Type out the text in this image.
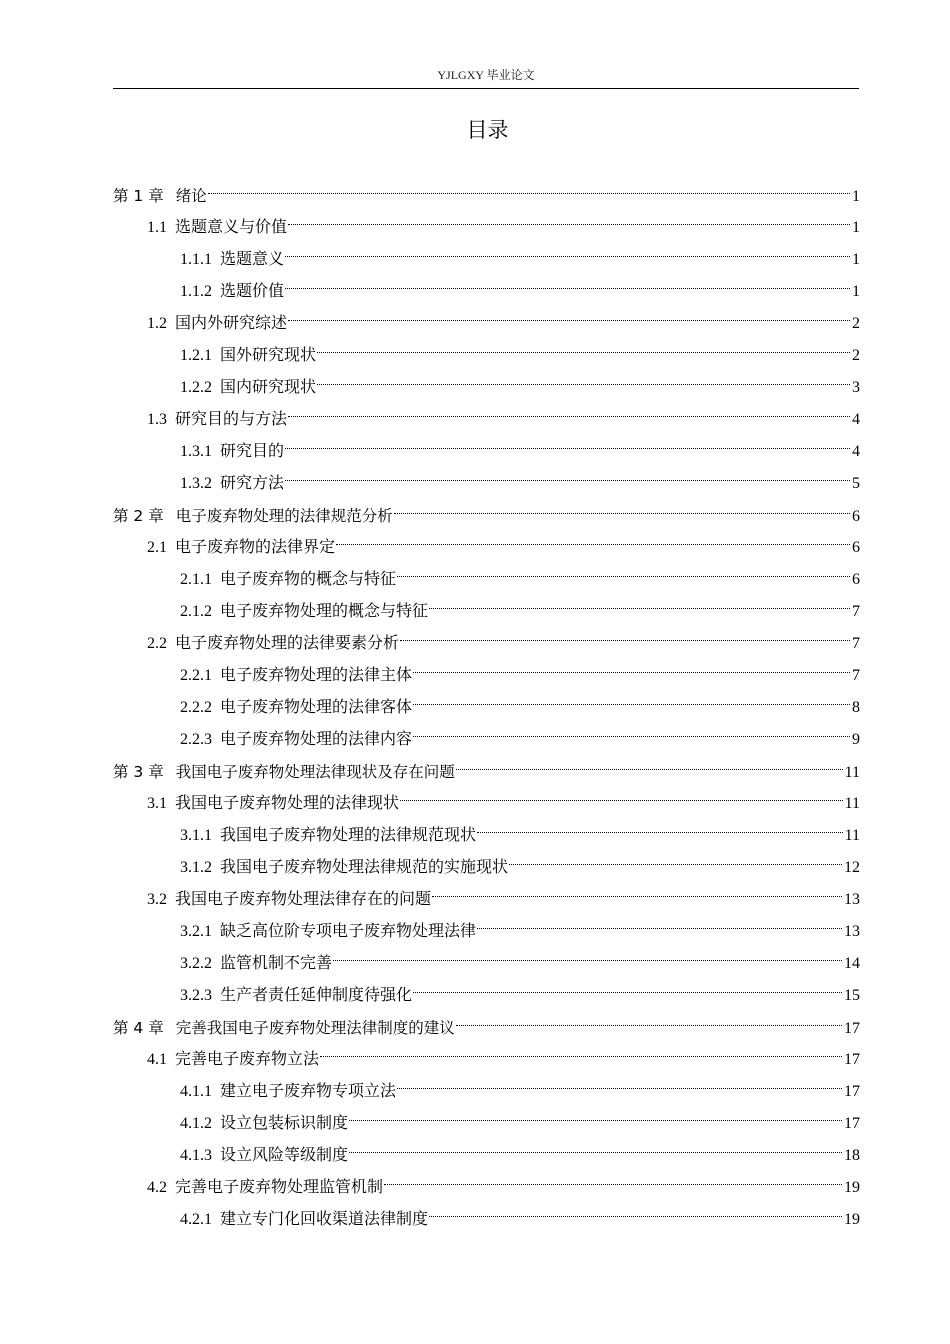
YJLGXY 毕业论文
目录
第 1 章 绪论	1
1.1 选题意义与价值	1
1.1.1 选题意义	1
1.1.2 选题价值	1
1.2 国内外研究综述	2
1.2.1 国外研究现状	2
1.2.2 国内研究现状	3
1.3 研究目的与方法	4
1.3.1 研究目的	4
1.3.2 研究方法	5
第 2 章 电子废弃物处理的法律规范分析	6
2.1 电子废弃物的法律界定	6
2.1.1 电子废弃物的概念与特征	6
2.1.2 电子废弃物处理的概念与特征	7
2.2 电子废弃物处理的法律要素分析	7
2.2.1 电子废弃物处理的法律主体	7
2.2.2 电子废弃物处理的法律客体	8
2.2.3 电子废弃物处理的法律内容	9
第 3 章 我国电子废弃物处理法律现状及存在问题	11
3.1 我国电子废弃物处理的法律现状	11
3.1.1 我国电子废弃物处理的法律规范现状	11
3.1.2 我国电子废弃物处理法律规范的实施现状	12
3.2 我国电子废弃物处理法律存在的问题	13
3.2.1 缺乏高位阶专项电子废弃物处理法律	13
3.2.2 监管机制不完善	14
3.2.3 生产者责任延伸制度待强化	15
第 4 章 完善我国电子废弃物处理法律制度的建议	17
4.1 完善电子废弃物立法	17
4.1.1 建立电子废弃物专项立法	17
4.1.2 设立包装标识制度	17
4.1.3 设立风险等级制度	18
4.2 完善电子废弃物处理监管机制	19
4.2.1 建立专门化回收渠道法律制度	19
